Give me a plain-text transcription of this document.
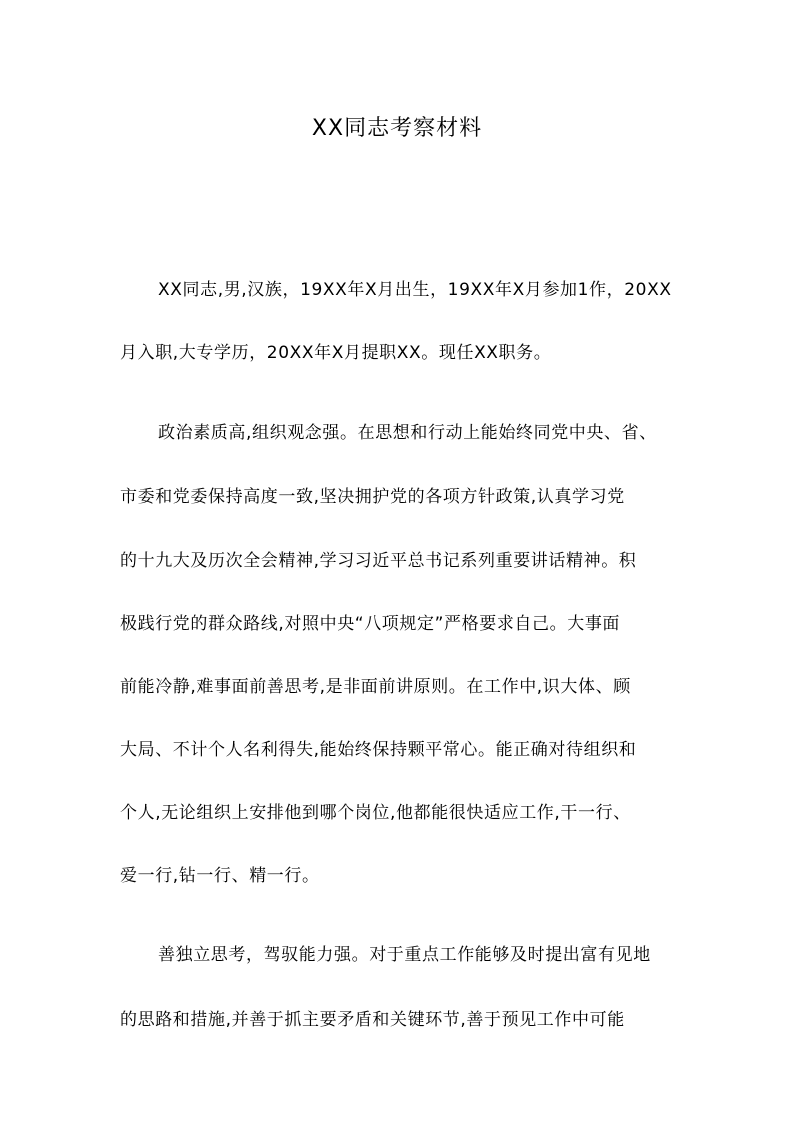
XX同志考察材料
XX同志,男,汉族，19XX年X月出生，19XX年X月参加1作，20XX
月入职,大专学历，20XX年X月提职XX。现任XX职务。
政治素质高,组织观念强。在思想和行动上能始终同党中央、省、
市委和党委保持高度一致,坚决拥护党的各项方针政策,认真学习党
的十九大及历次全会精神,学习习近平总书记系列重要讲话精神。积
极践行党的群众路线,对照中央“八项规定”严格要求自己。大事面
前能冷静,难事面前善思考,是非面前讲原则。在工作中,识大体、顾
大局、不计个人名利得失,能始终保持颗平常心。能正确对待组织和
个人,无论组织上安排他到哪个岗位,他都能很快适应工作,干一行、
爱一行,钻一行、精一行。
善独立思考，驾驭能力强。对于重点工作能够及时提出富有见地
的思路和措施,并善于抓主要矛盾和关键环节,善于预见工作中可能
